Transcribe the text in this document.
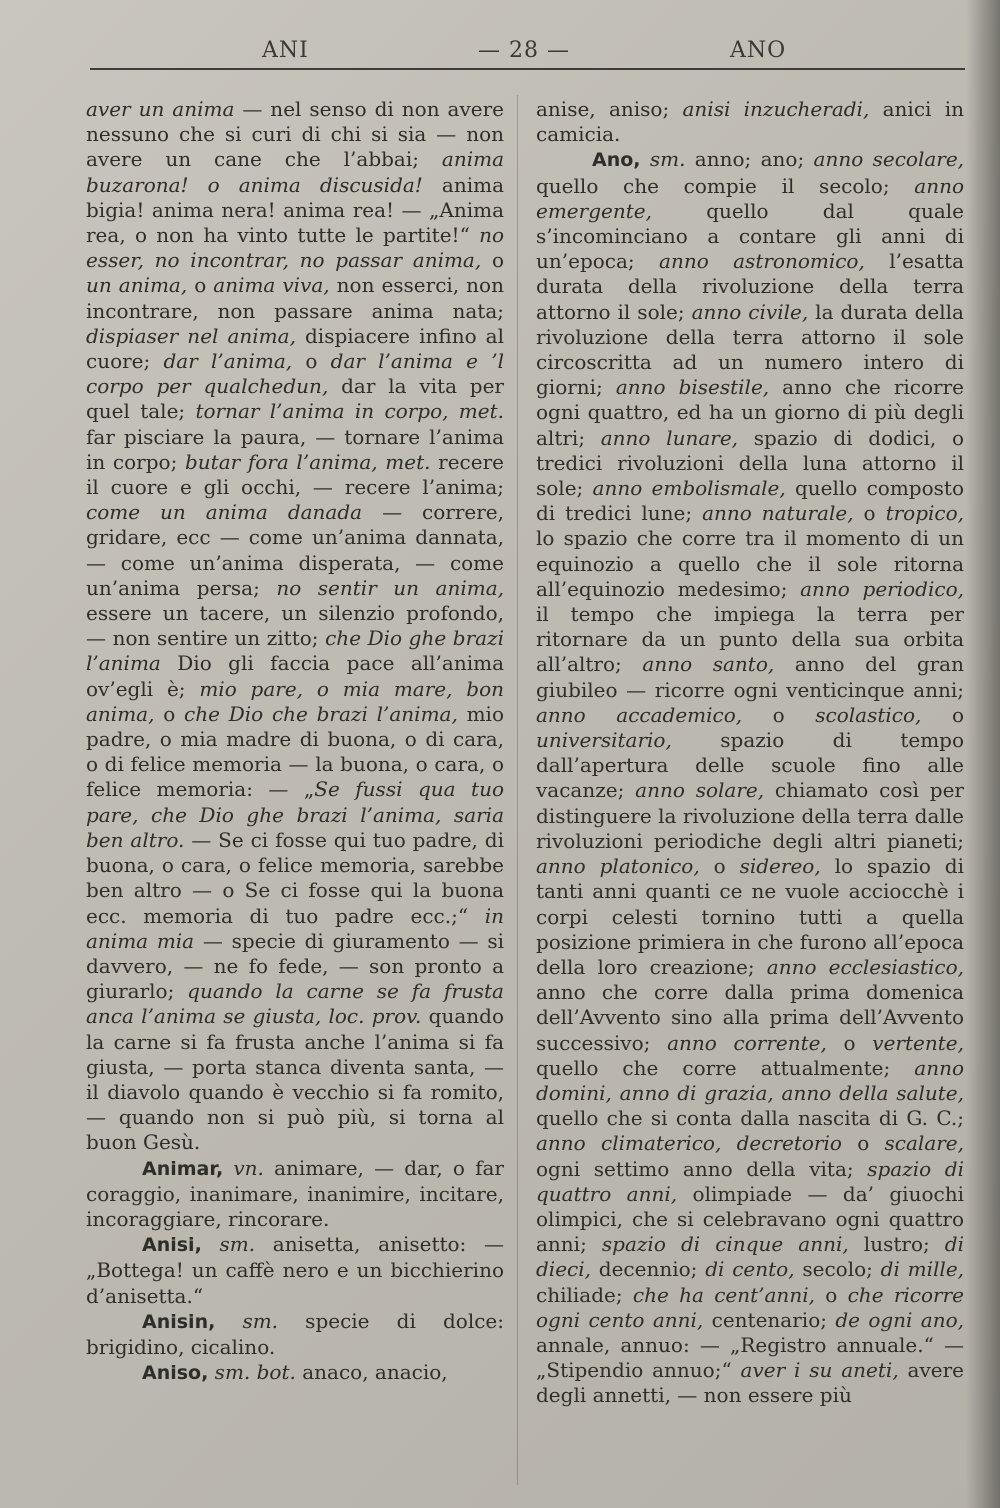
ANI	— 28 —	ANO

aver un anima — nel senso di non avere nessuno che si curi di chi si sia — non avere un cane che l’abbai; anima buzarona! o anima discusida! anima bigia! anima nera! anima rea! — „Anima rea, o non ha vinto tutte le partite!“ no esser, no incontrar, no passar anima, o un anima, o anima viva, non esserci, non incontrare, non passare anima nata; dispiaser nel anima, dispiacere infino al cuore; dar l’anima, o dar l’anima e ’l corpo per qualchedun, dar la vita per quel tale; tornar l’anima in corpo, met. far pisciare la paura, — tornare l’anima in corpo; butar fora l’anima, met. recere il cuore e gli occhi, — recere l’anima; come un anima danada — correre, gridare, ecc — come un’anima dannata, — come un’anima disperata, — come un’anima persa; no sentir un anima, essere un tacere, un silenzio profondo, — non sentire un zitto; che Dio ghe brazi l’anima Dio gli faccia pace all’anima ov’egli è; mio pare, o mia mare, bon anima, o che Dio che brazi l’anima, mio padre, o mia madre di buona, o di cara, o di felice memoria — la buona, o cara, o felice memoria: — „Se fussi qua tuo pare, che Dio ghe brazi l’anima, saria ben altro. — Se ci fosse qui tuo padre, di buona, o cara, o felice memoria, sarebbe ben altro — o Se ci fosse qui la buona ecc. memoria di tuo padre ecc.;“ in anima mia — specie di giuramento — si davvero, — ne fo fede, — son pronto a giurarlo; quando la carne se fa frusta anca l’anima se giusta, loc. prov. quando la carne si fa frusta anche l’anima si fa giusta, — porta stanca diventa santa, — il diavolo quando è vecchio si fa romito, — quando non si può più, si torna al buon Gesù.

Animar, vn. animare, — dar, o far coraggio, inanimare, inanimire, incitare, incoraggiare, rincorare.

Anisi, sm. anisetta, anisetto: — „Bottega! un caffè nero e un bicchierino d’anisetta.“

Anisin, sm. specie di dolce: brigidino, cicalino.

Aniso, sm. bot. anaco, anacio,

anise, aniso; anisi inzucheradi, anici in camicia.

Ano, sm. anno; ano; anno secolare, quello che compie il secolo; anno emergente, quello dal quale s’incominciano a contare gli anni di un’epoca; anno astronomico, l’esatta durata della rivoluzione della terra attorno il sole; anno civile, la durata della rivoluzione della terra attorno il sole circoscritta ad un numero intero di giorni; anno bisestile, anno che ricorre ogni quattro, ed ha un giorno di più degli altri; anno lunare, spazio di dodici, o tredici rivoluzioni della luna attorno il sole; anno embolismale, quello composto di tredici lune; anno naturale, o tropico, lo spazio che corre tra il momento di un equinozio a quello che il sole ritorna all’equinozio medesimo; anno periodico, il tempo che impiega la terra per ritornare da un punto della sua orbita all’altro; anno santo, anno del gran giubileo — ricorre ogni venticinque anni; anno accademico, o scolastico, o universitario, spazio di tempo dall’apertura delle scuole fino alle vacanze; anno solare, chiamato così per distinguere la rivoluzione della terra dalle rivoluzioni periodiche degli altri pianeti; anno platonico, o sidereo, lo spazio di tanti anni quanti ce ne vuole acciocchè i corpi celesti tornino tutti a quella posizione primiera in che furono all’epoca della loro creazione; anno ecclesiastico, anno che corre dalla prima domenica dell’Avvento sino alla prima dell’Avvento successivo; anno corrente, o vertente, quello che corre attualmente; anno domini, anno di grazia, anno della salute, quello che si conta dalla nascita di G. C.; anno climaterico, decretorio o scalare, ogni settimo anno della vita; spazio di quattro anni, olimpiade — da’ giuochi olimpici, che si celebravano ogni quattro anni; spazio di cinque anni, lustro; di dieci, decennio; di cento, secolo; di mille, chiliade; che ha cent’anni, o che ricorre ogni cento anni, centenario; de ogni ano, annale, annuo: — „Registro annuale.“ — „Stipendio annuo;“ aver i su aneti, avere degli annetti, — non essere più
